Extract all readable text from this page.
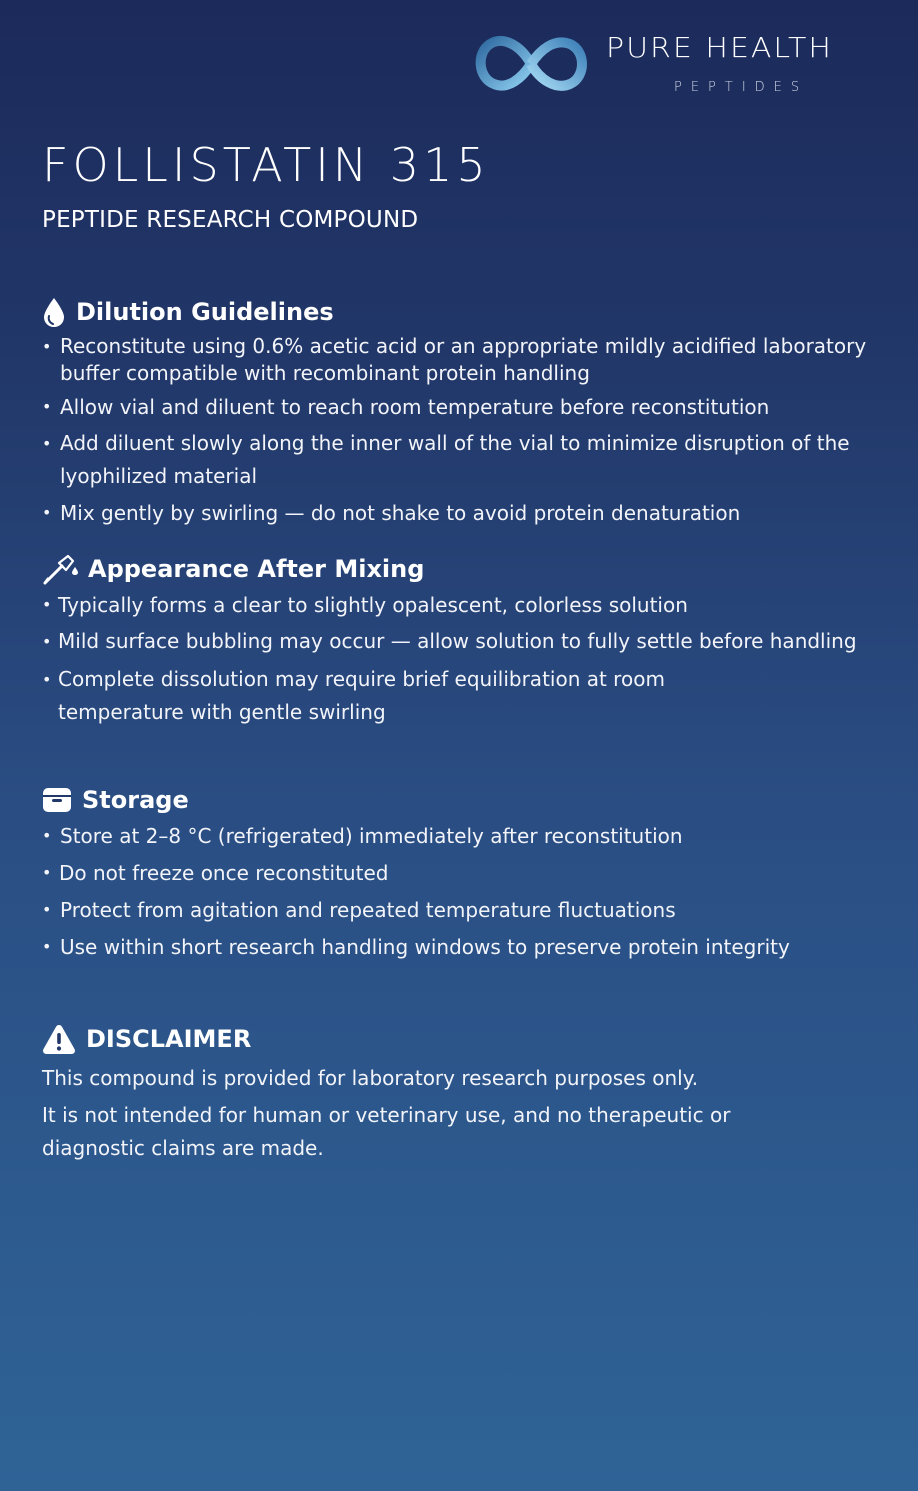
PURE HEALTH
PEPTIDES
FOLLISTATIN 315
PEPTIDE RESEARCH COMPOUND
Dilution Guidelines
• Reconstitute using 0.6% acetic acid or an appropriate mildly acidified laboratory buffer compatible with recombinant protein handling
• Allow vial and diluent to reach room temperature before reconstitution
• Add diluent slowly along the inner wall of the vial to minimize disruption of the lyophilized material
• Mix gently by swirling — do not shake to avoid protein denaturation
Appearance After Mixing
• Typically forms a clear to slightly opalescent, colorless solution
• Mild surface bubbling may occur — allow solution to fully settle before handling
• Complete dissolution may require brief equilibration at room temperature with gentle swirling
Storage
• Store at 2–8 °C (refrigerated) immediately after reconstitution
• Do not freeze once reconstituted
• Protect from agitation and repeated temperature fluctuations
• Use within short research handling windows to preserve protein integrity
DISCLAIMER

This compound is provided for laboratory research purposes only.

It is not intended for human or veterinary use, and no therapeutic or diagnostic claims are made.
